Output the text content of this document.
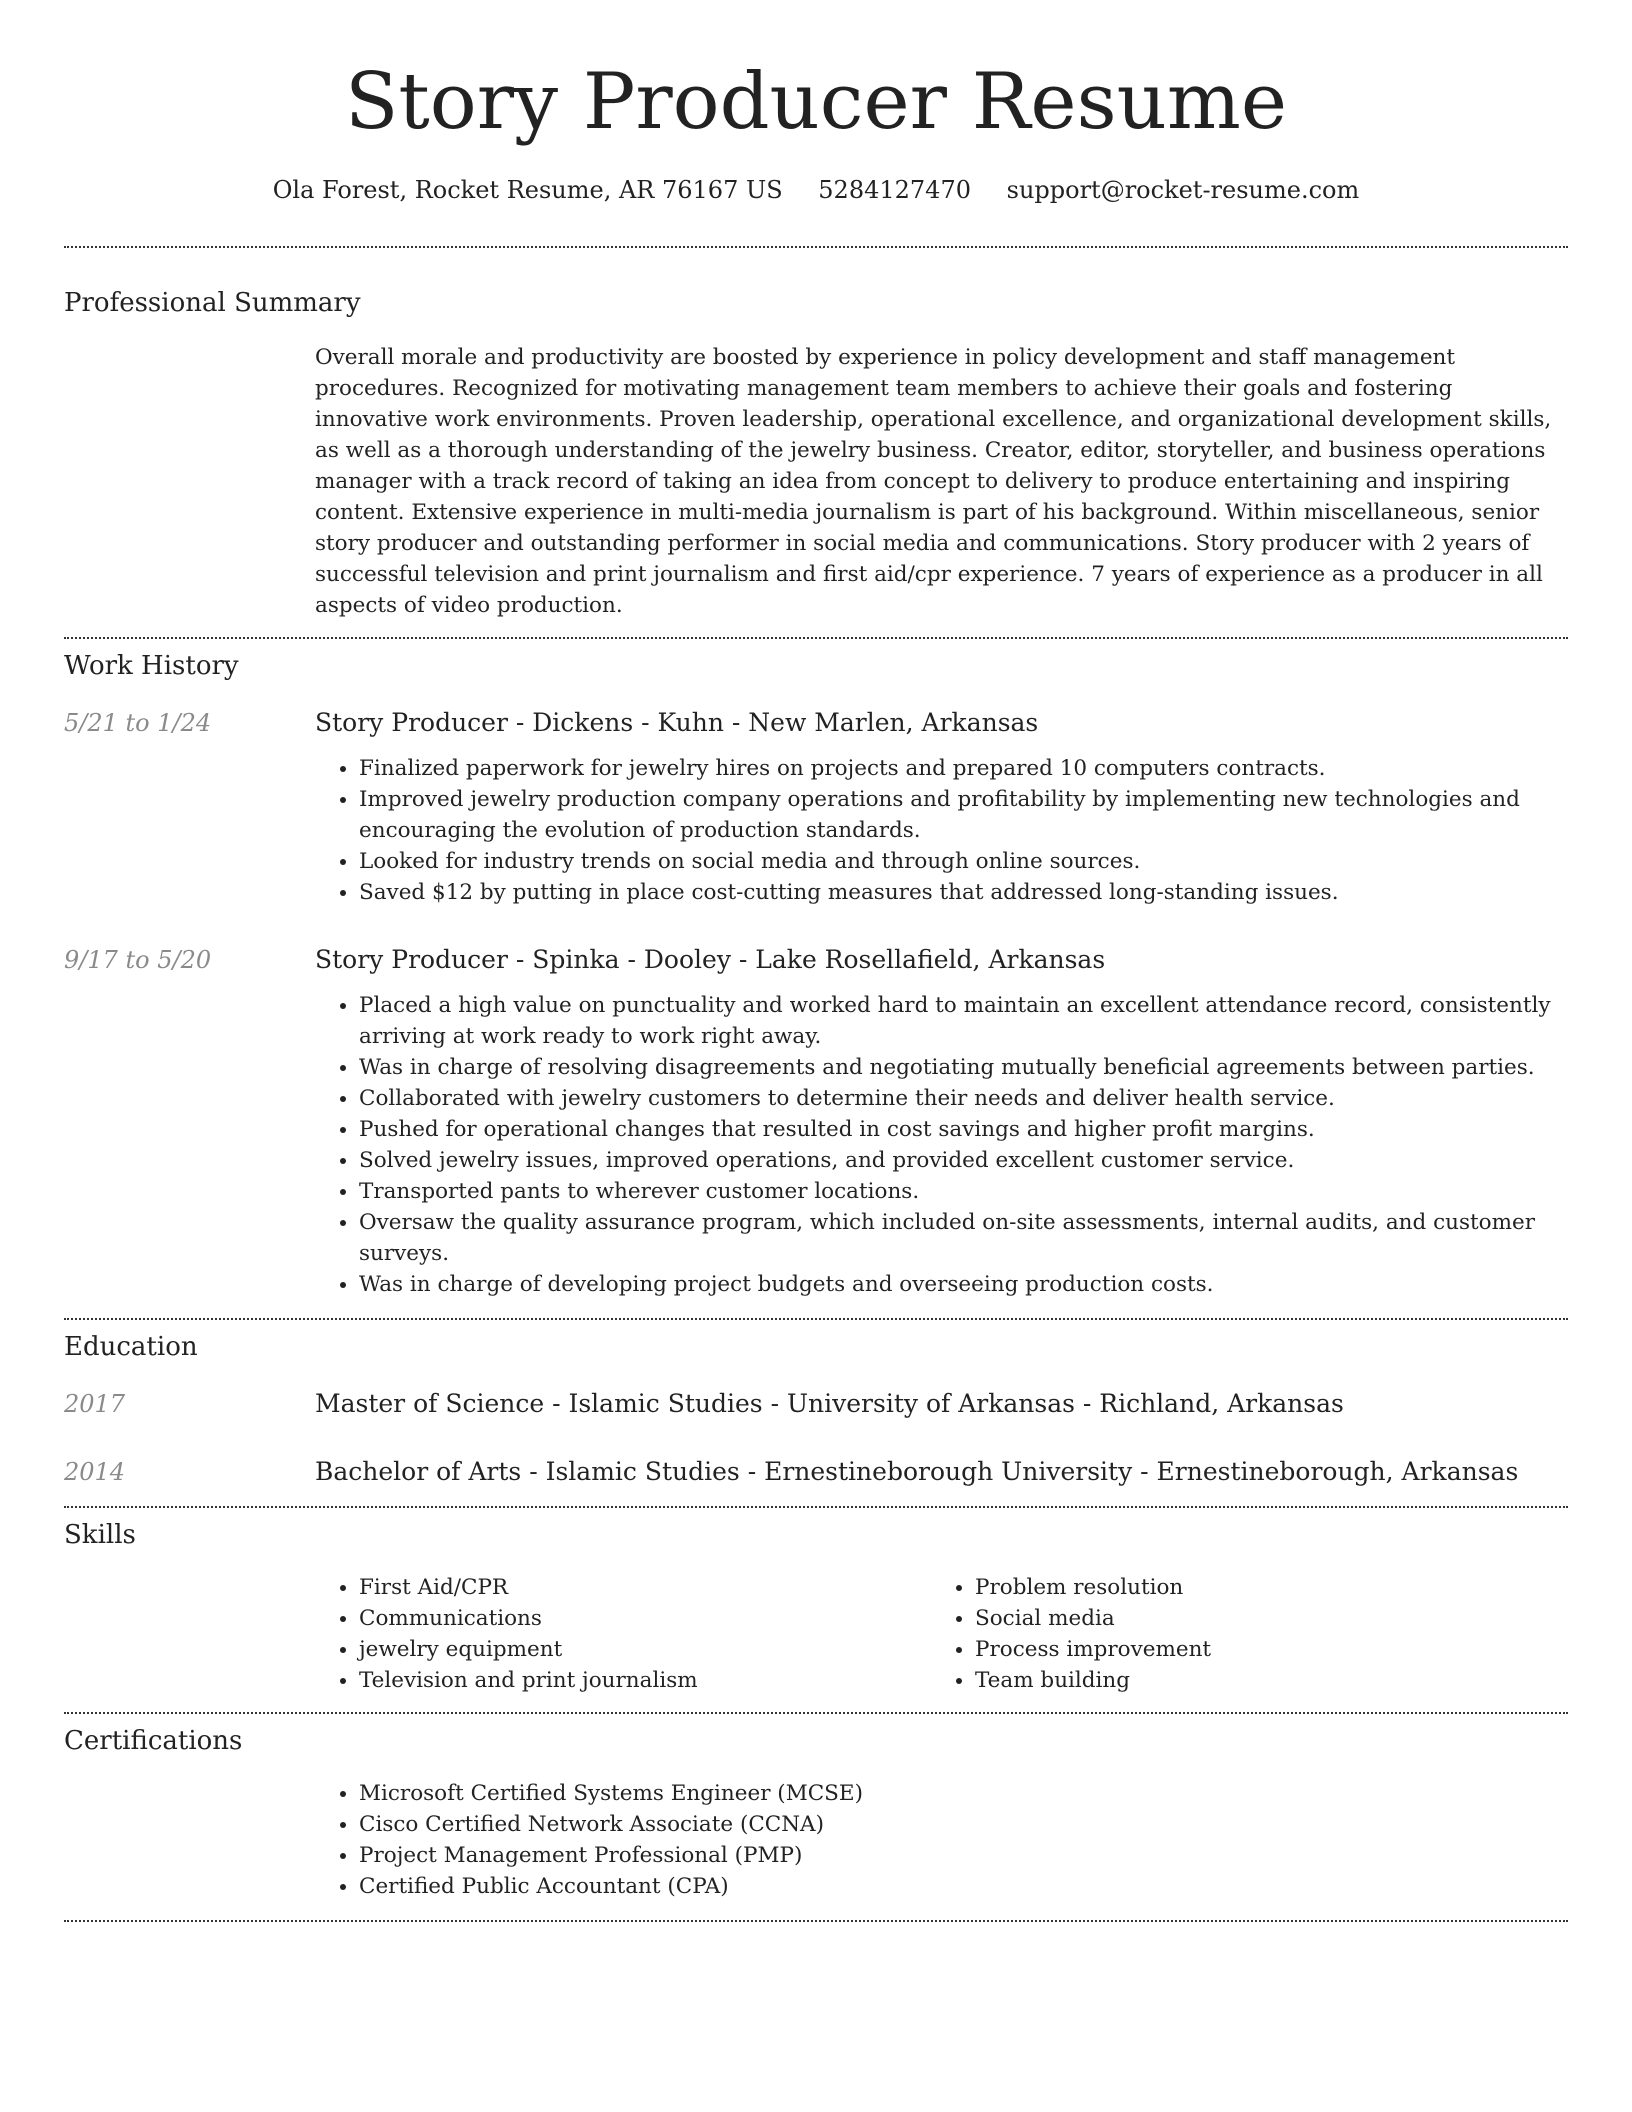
Story Producer Resume
Ola Forest, Rocket Resume, AR 76167 US 5284127470 support@rocket-resume.com
Professional Summary
Overall morale and productivity are boosted by experience in policy development and staff management procedures. Recognized for motivating management team members to achieve their goals and fostering innovative work environments. Proven leadership, operational excellence, and organizational development skills, as well as a thorough understanding of the jewelry business. Creator, editor, storyteller, and business operations manager with a track record of taking an idea from concept to delivery to produce entertaining and inspiring content. Extensive experience in multi-media journalism is part of his background. Within miscellaneous, senior story producer and outstanding performer in social media and communications. Story producer with 2 years of successful television and print journalism and first aid/cpr experience. 7 years of experience as a producer in all aspects of video production.
Work History
5/21 to 1/24	Story Producer - Dickens - Kuhn - New Marlen, Arkansas
• Finalized paperwork for jewelry hires on projects and prepared 10 computers contracts.
• Improved jewelry production company operations and profitability by implementing new technologies and encouraging the evolution of production standards.
• Looked for industry trends on social media and through online sources.
• Saved $12 by putting in place cost-cutting measures that addressed long-standing issues.
9/17 to 5/20	Story Producer - Spinka - Dooley - Lake Rosellafield, Arkansas
• Placed a high value on punctuality and worked hard to maintain an excellent attendance record, consistently arriving at work ready to work right away.
• Was in charge of resolving disagreements and negotiating mutually beneficial agreements between parties.
• Collaborated with jewelry customers to determine their needs and deliver health service.
• Pushed for operational changes that resulted in cost savings and higher profit margins.
• Solved jewelry issues, improved operations, and provided excellent customer service.
• Transported pants to wherever customer locations.
• Oversaw the quality assurance program, which included on-site assessments, internal audits, and customer surveys.
• Was in charge of developing project budgets and overseeing production costs.
Education
2017	Master of Science - Islamic Studies - University of Arkansas - Richland, Arkansas
2014	Bachelor of Arts - Islamic Studies - Ernestineborough University - Ernestineborough, Arkansas
Skills
• First Aid/CPR
• Communications
• jewelry equipment
• Television and print journalism
• Problem resolution
• Social media
• Process improvement
• Team building
Certifications
• Microsoft Certified Systems Engineer (MCSE)
• Cisco Certified Network Associate (CCNA)
• Project Management Professional (PMP)
• Certified Public Accountant (CPA)
